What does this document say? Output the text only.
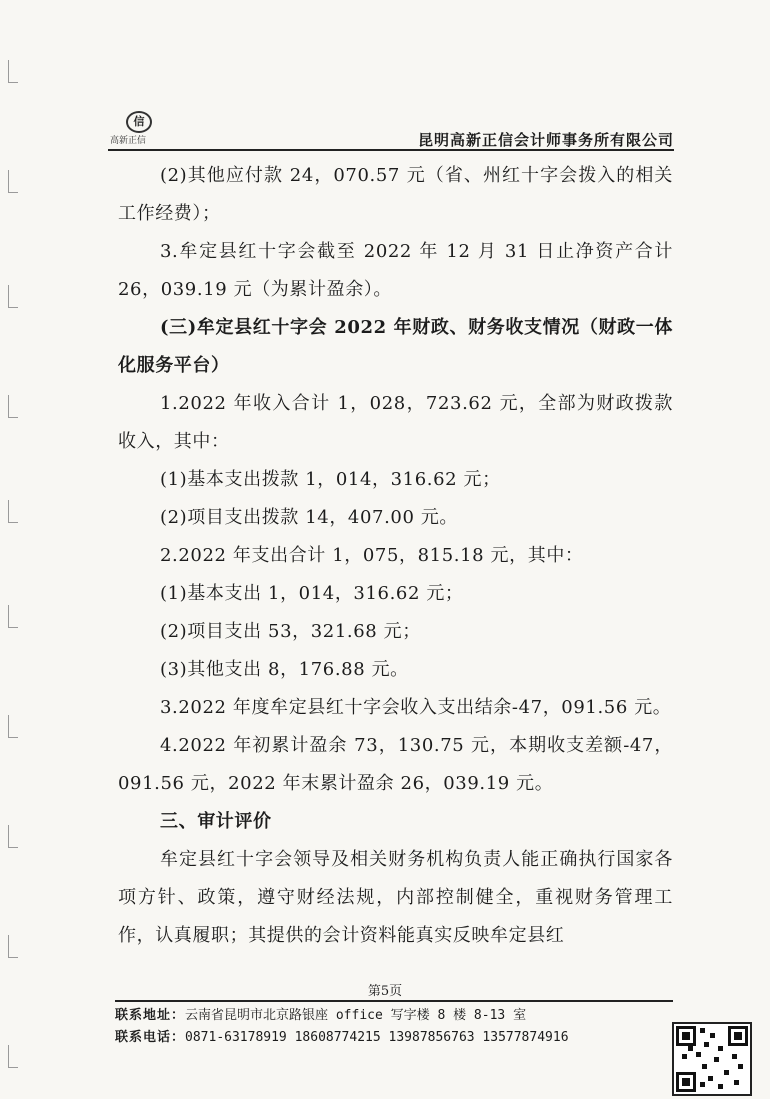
信
高新正信	昆明高新正信会计师事务所有限公司

(2)其他应付款 24，070.57 元（省、州红十字会拨入的相关工作经费）；

3.牟定县红十字会截至 2022 年 12 月 31 日止净资产合计 26，039.19 元（为累计盈余）。

(三)牟定县红十字会 2022 年财政、财务收支情况（财政一体化服务平台）

1.2022 年收入合计 1，028，723.62 元，全部为财政拨款收入，其中：

(1)基本支出拨款 1，014，316.62 元；

(2)项目支出拨款 14，407.00 元。

2.2022 年支出合计 1，075，815.18 元，其中：

(1)基本支出 1，014，316.62 元；

(2)项目支出 53，321.68 元；

(3)其他支出 8，176.88 元。

3.2022 年度牟定县红十字会收入支出结余-47，091.56 元。

4.2022 年初累计盈余 73，130.75 元，本期收支差额-47，091.56 元，2022 年末累计盈余 26，039.19 元。

三、审计评价

牟定县红十字会领导及相关财务机构负责人能正确执行国家各项方针、政策，遵守财经法规，内部控制健全，重视财务管理工作，认真履职；其提供的会计资料能真实反映牟定县红

第5页
联系地址：云南省昆明市北京路银座 office 写字楼 8 楼 8-13 室
联系电话：0871-63178919 18608774215 13987856763 13577874916
